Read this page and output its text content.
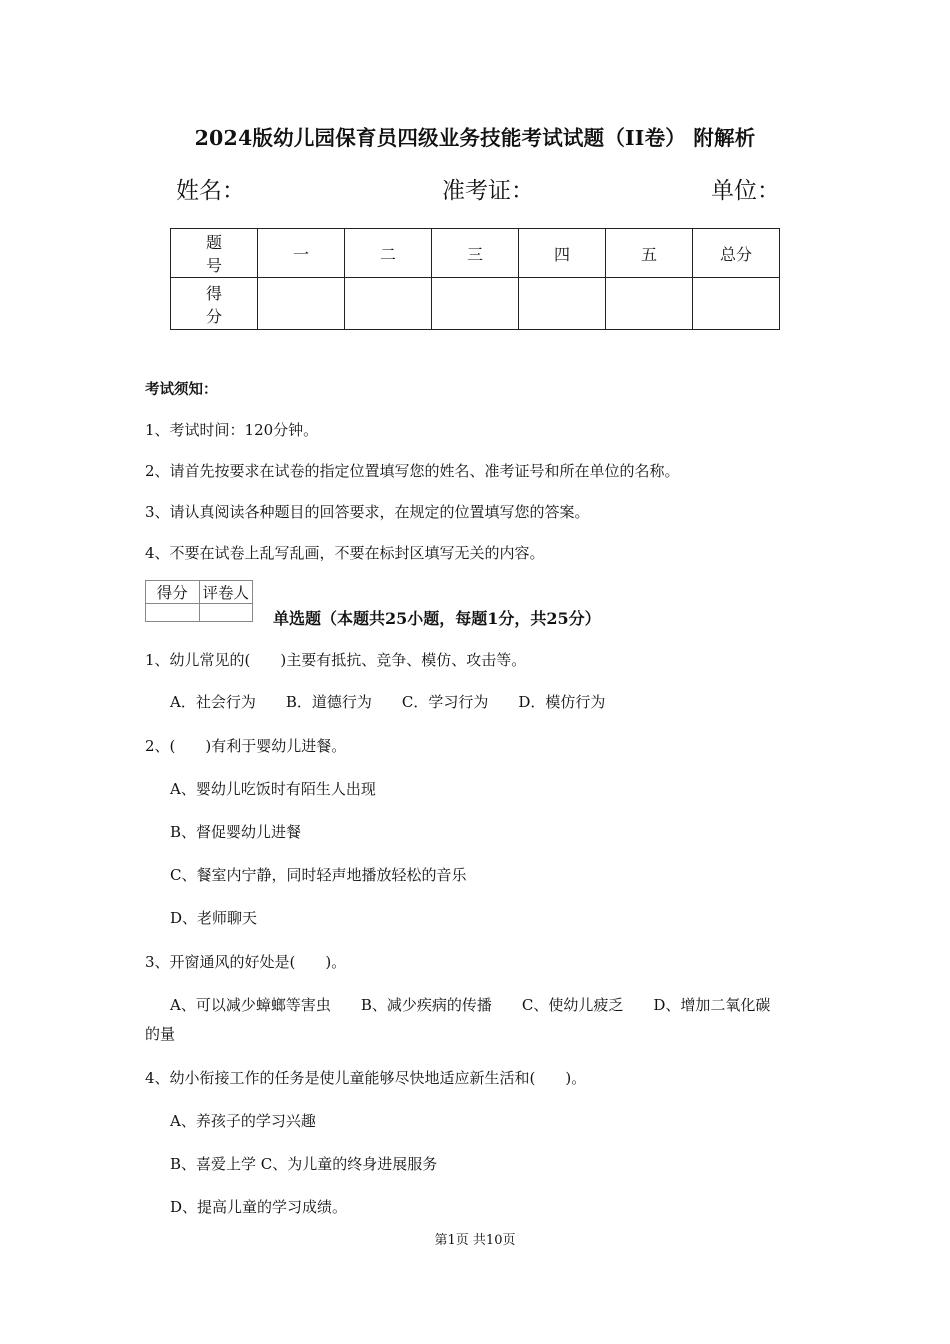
2024版幼儿园保育员四级业务技能考试试题（II卷） 附解析
姓名：	准考证：	单位：
题 号	一	二	三	四	五	总分
得 分						
考试须知：
1、考试时间：120分钟。
2、请首先按要求在试卷的指定位置填写您的姓名、准考证号和所在单位的名称。
3、请认真阅读各种题目的回答要求，在规定的位置填写您的答案。
4、不要在试卷上乱写乱画，不要在标封区填写无关的内容。
得分	评卷人

单选题（本题共25小题，每题1分，共25分）
1、幼儿常见的(　　)主要有抵抗、竞争、模仿、攻击等。
A．社会行为　　B．道德行为　　C．学习行为　　D．模仿行为
2、(　　)有利于婴幼儿进餐。
A、婴幼儿吃饭时有陌生人出现
B、督促婴幼儿进餐
C、餐室内宁静，同时轻声地播放轻松的音乐
D、老师聊天
3、开窗通风的好处是(　　)。
A、可以减少蟑螂等害虫　　B、减少疾病的传播　　C、使幼儿疲乏　　D、增加二氧化碳
的量
4、幼小衔接工作的任务是使儿童能够尽快地适应新生活和(　　)。
A、养孩子的学习兴趣
B、喜爱上学 C、为儿童的终身进展服务
D、提高儿童的学习成绩。
第1页 共10页
